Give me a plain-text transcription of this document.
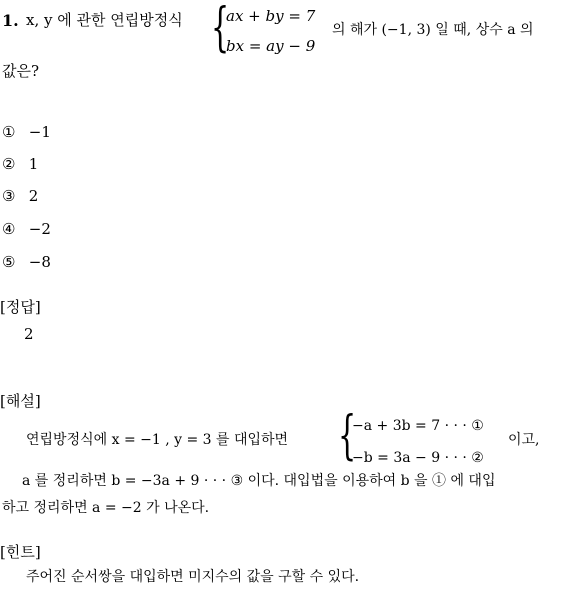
1. x, y 에 관한 연립방정식 {
ax + by = 7
bx = ay − 9
의 해가 (−1, 3) 일 때, 상수 a 의
값은?
① −1
② 1
③ 2
④ −2
⑤ −8
[정답]
2
[해설]
연립방정식에 x = −1 , y = 3 를 대입하면 {
−a + 3b = 7 · · · ①
−b = 3a − 9 · · · ②
이고,
a 를 정리하면 b = −3a + 9 · · · ③ 이다. 대입법을 이용하여 b 을 ① 에 대입
하고 정리하면 a = −2 가 나온다.
[힌트]
주어진 순서쌍을 대입하면 미지수의 값을 구할 수 있다.
